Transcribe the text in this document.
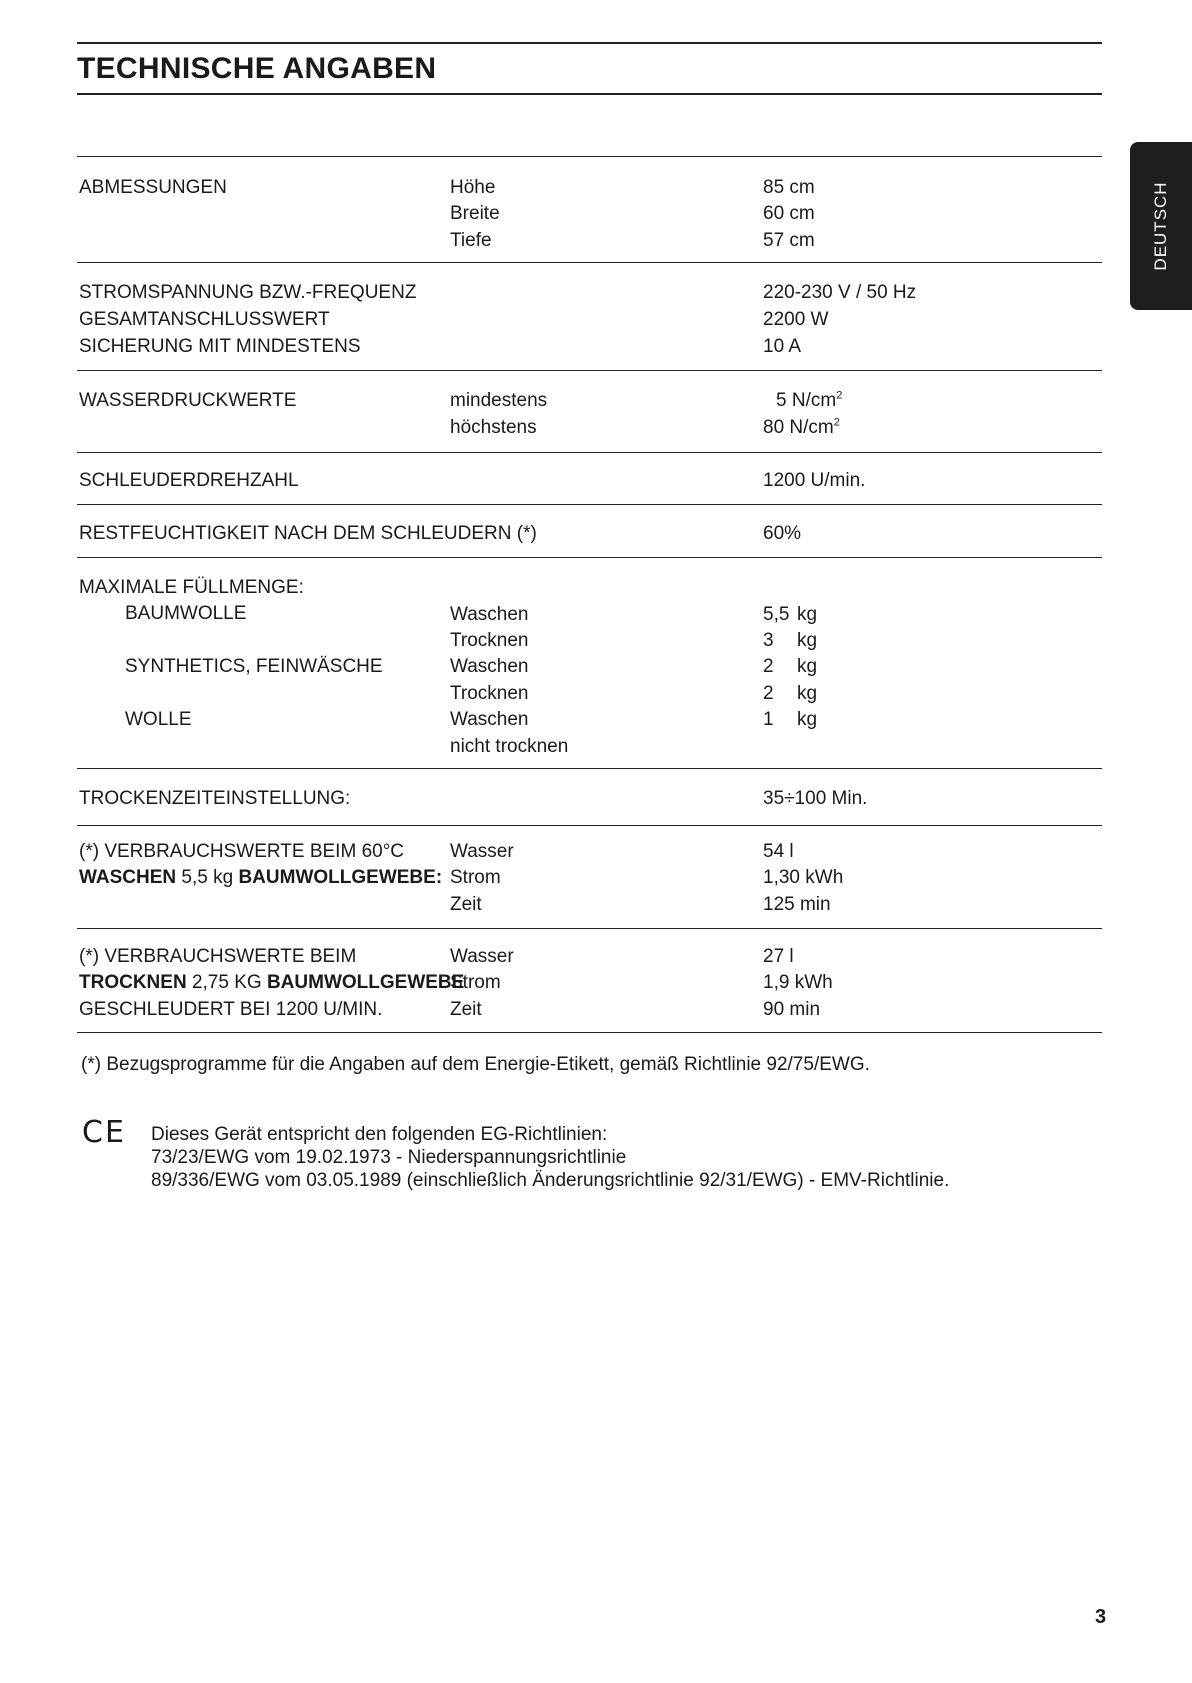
TECHNISCHE ANGABEN
DEUTSCH
ABMESSUNGEN	Höhe	85 cm
Breite	60 cm
Tiefe	57 cm
STROMSPANNUNG BZW.-FREQUENZ	220-230 V / 50 Hz
GESAMTANSCHLUSSWERT	2200 W
SICHERUNG MIT MINDESTENS	10 A
WASSERDRUCKWERTE	mindestens	5 $N/cm^2$
höchstens	80 $N/cm^2$
SCHLEUDERDREHZAHL	1200 U/min.
RESTFEUCHTIGKEIT NACH DEM SCHLEUDERN (*)	60%
MAXIMALE FÜLLMENGE:
BAUMWOLLE	Waschen	5,5 kg
Trocknen	3 kg
SYNTHETICS, FEINWÄSCHE	Waschen	2 kg
Trocknen	2 kg
WOLLE	Waschen	1 kg
nicht trocknen
TROCKENZEITEINSTELLUNG:	35÷100 Min.
(*) VERBRAUCHSWERTE BEIM 60°C
WASCHEN 5,5 kg BAUMWOLLGEWEBE:
Wasser	54 l
Strom	1,30 kWh
Zeit	125 min
(*) VERBRAUCHSWERTE BEIM
TROCKNEN 2,75 KG BAUMWOLLGEWEBE
GESCHLEUDERT BEI 1200 U/MIN.
Wasser	27 l
Strom	1,9 kWh
Zeit	90 min
(*) Bezugsprogramme für die Angaben auf dem Energie-Etikett, gemäß Richtlinie 92/75/EWG.
CE Dieses Gerät entspricht den folgenden EG-Richtlinien:
73/23/EWG vom 19.02.1973 - Niederspannungsrichtlinie
89/336/EWG vom 03.05.1989 (einschließlich Änderungsrichtlinie 92/31/EWG) - EMV-Richtlinie.
3
